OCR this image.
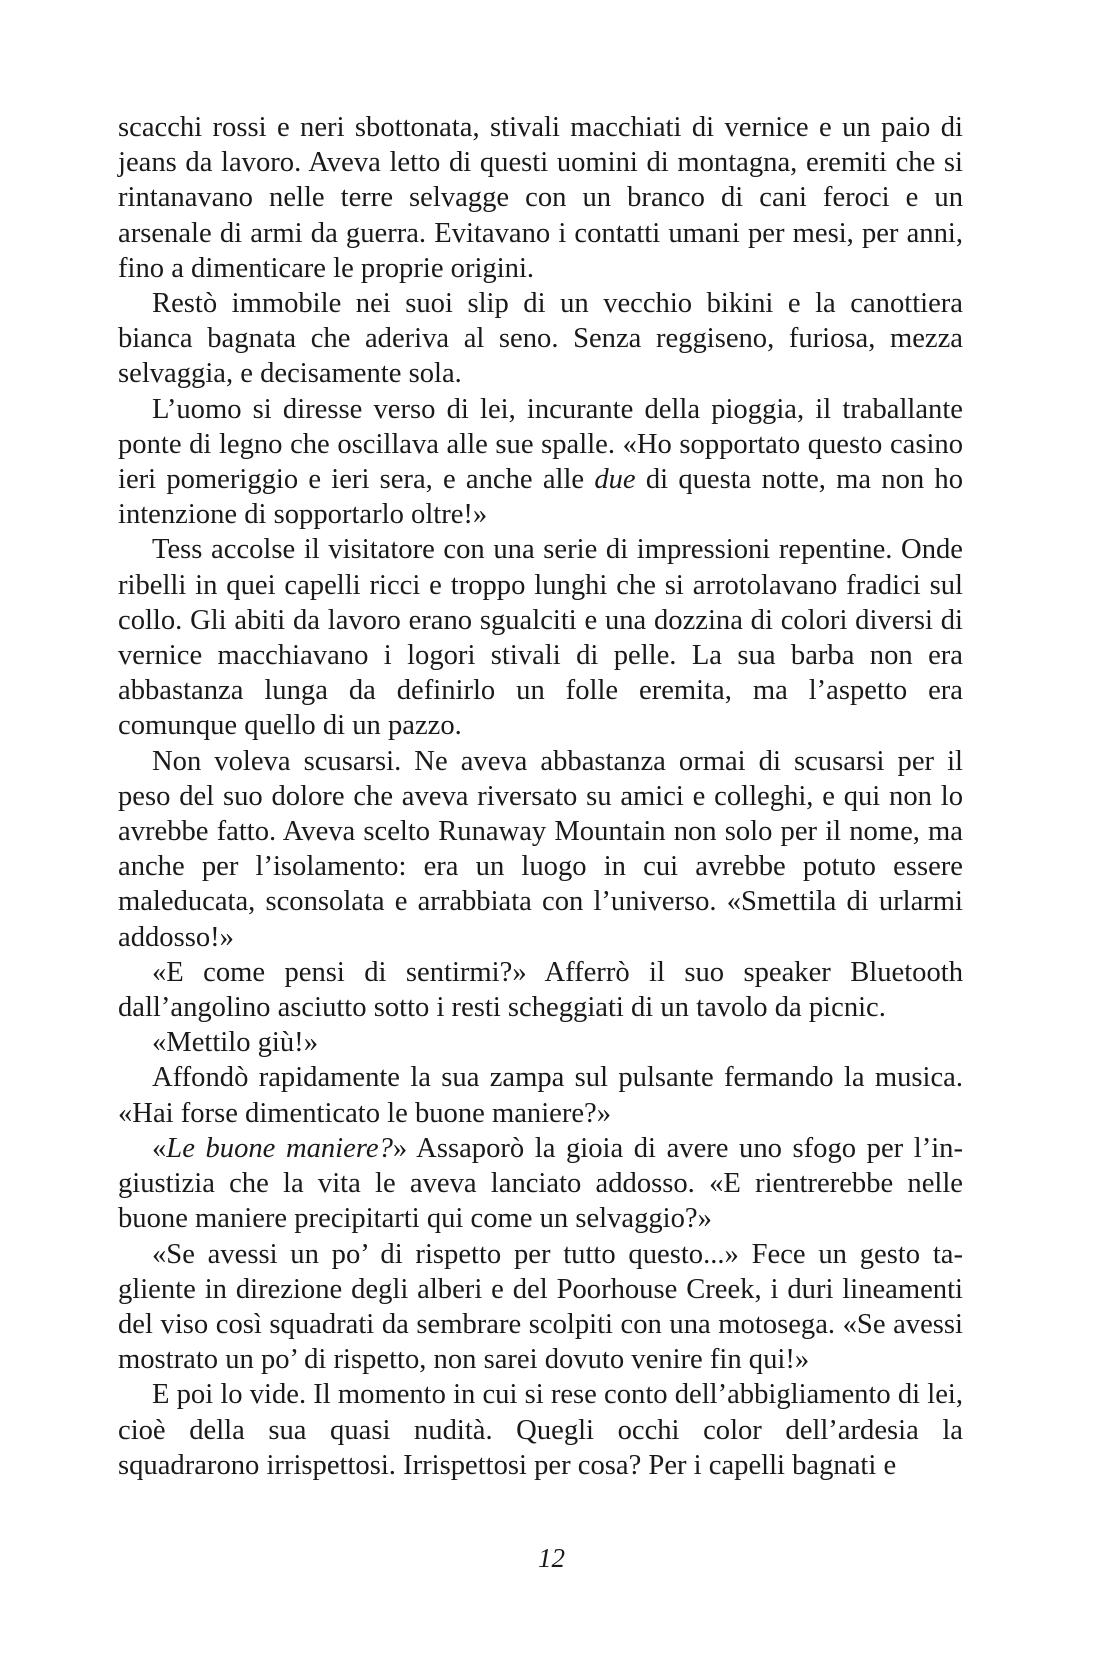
scacchi rossi e neri sbottonata, stivali macchiati di vernice e un paio di jeans da lavoro. Aveva letto di questi uomini di montagna, eremiti che si rintanavano nelle terre selvagge con un branco di cani feroci e un arsenale di armi da guerra. Evitavano i contatti umani per mesi, per anni, fino a dimenticare le proprie origini.

Restò immobile nei suoi slip di un vecchio bikini e la canottiera bianca bagnata che aderiva al seno. Senza reggiseno, furiosa, mezza selvaggia, e decisamente sola.

L’uomo si diresse verso di lei, incurante della pioggia, il traballante ponte di legno che oscillava alle sue spalle. «Ho sopportato questo casino ieri pomeriggio e ieri sera, e anche alle due di questa notte, ma non ho intenzione di sopportarlo oltre!»

Tess accolse il visitatore con una serie di impressioni repentine. Onde ribelli in quei capelli ricci e troppo lunghi che si arrotolavano fradici sul collo. Gli abiti da lavoro erano sgualciti e una dozzina di colori diversi di vernice macchiavano i logori stivali di pelle. La sua barba non era abbastanza lunga da definirlo un folle eremita, ma l’aspetto era comunque quello di un pazzo.

Non voleva scusarsi. Ne aveva abbastanza ormai di scusarsi per il peso del suo dolore che aveva riversato su amici e colleghi, e qui non lo avrebbe fatto. Aveva scelto Runaway Mountain non solo per il nome, ma anche per l’isolamento: era un luogo in cui avrebbe potuto essere maleducata, sconsolata e arrabbiata con l’universo. «Smettila di urlarmi addosso!»

«E come pensi di sentirmi?» Afferrò il suo speaker Bluetooth dall’angolino asciutto sotto i resti scheggiati di un tavolo da picnic.

«Mettilo giù!»

Affondò rapidamente la sua zampa sul pulsante fermando la musica. «Hai forse dimenticato le buone maniere?»

«Le buone maniere?» Assaporò la gioia di avere uno sfogo per l’ingiustizia che la vita le aveva lanciato addosso. «E rientrerebbe nelle buone maniere precipitarti qui come un selvaggio?»

«Se avessi un po’ di rispetto per tutto questo...» Fece un gesto tagliente in direzione degli alberi e del Poorhouse Creek, i duri lineamenti del viso così squadrati da sembrare scolpiti con una motosega. «Se avessi mostrato un po’ di rispetto, non sarei dovuto venire fin qui!»

E poi lo vide. Il momento in cui si rese conto dell’abbigliamento di lei, cioè della sua quasi nudità. Quegli occhi color dell’ardesia la squadrarono irrispettosi. Irrispettosi per cosa? Per i capelli bagnati e

12
